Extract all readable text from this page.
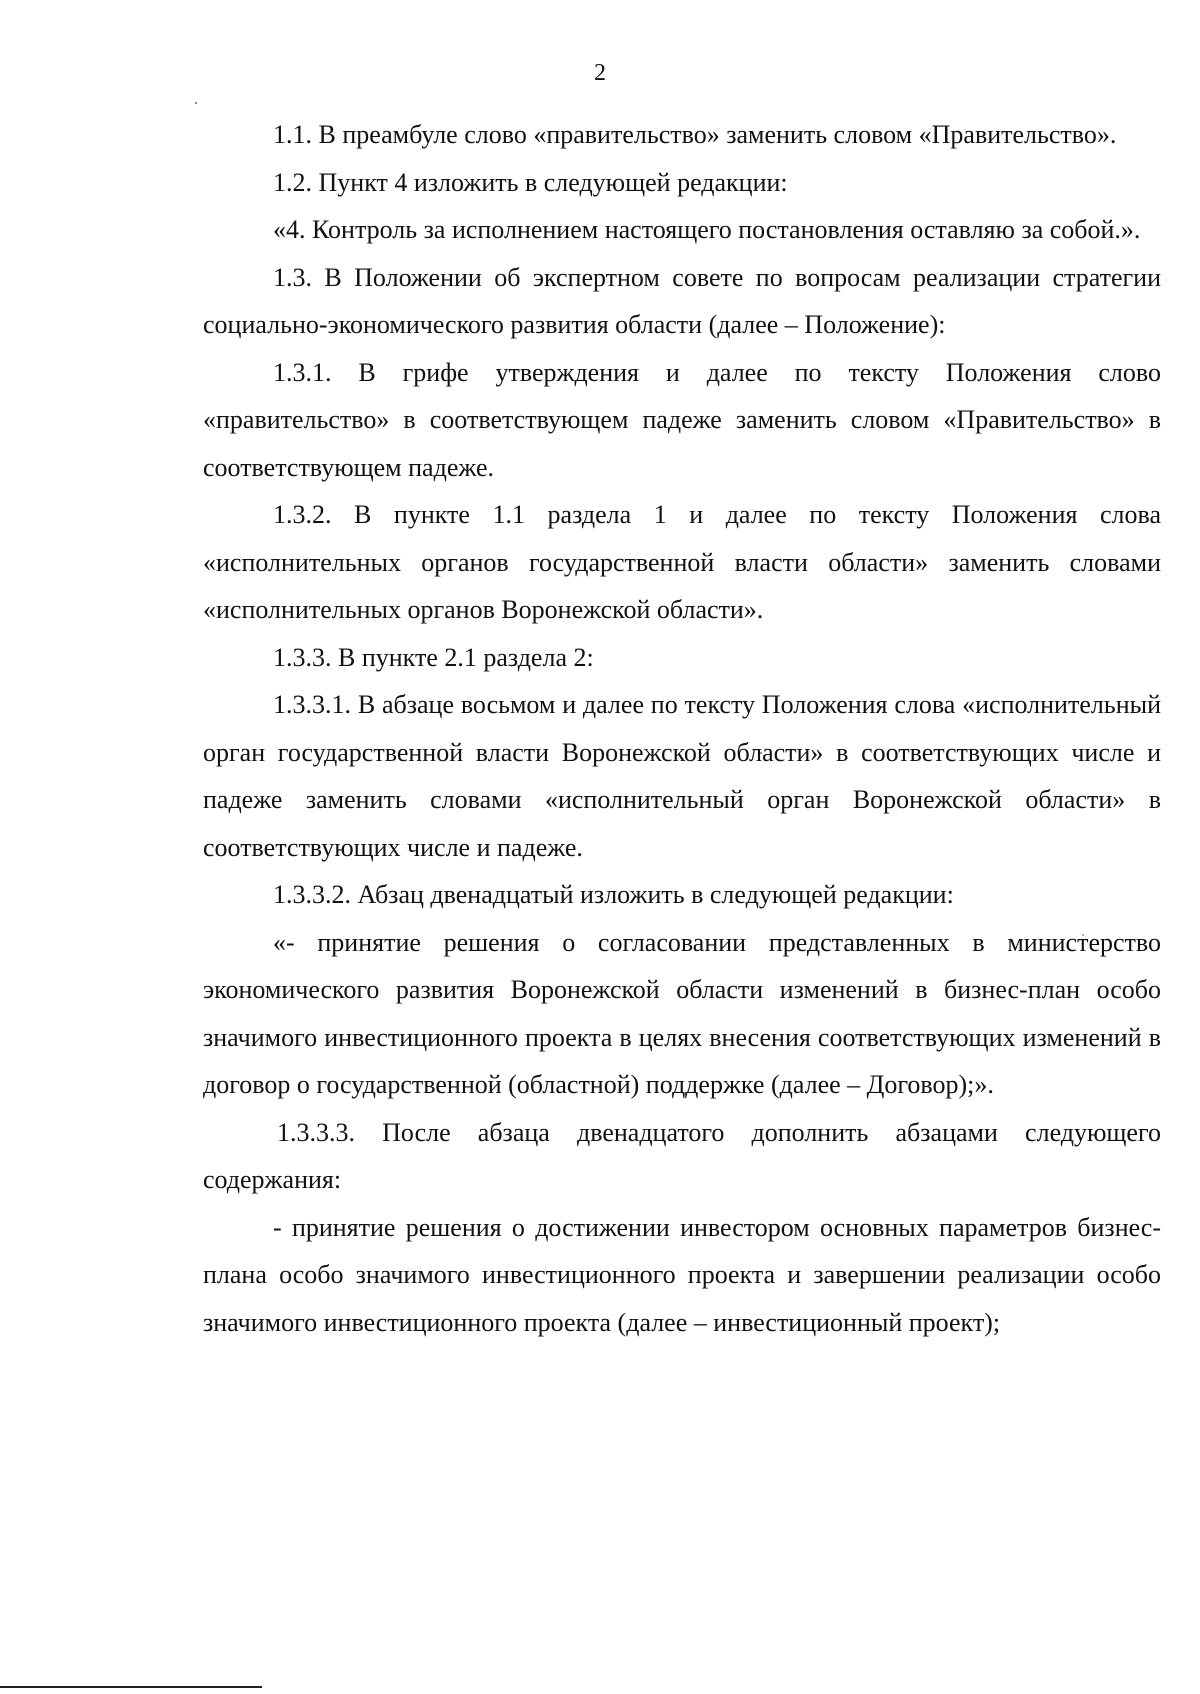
2

1.1. В преамбуле слово «правительство» заменить словом «Правительство».

1.2. Пункт 4 изложить в следующей редакции:

«4. Контроль за исполнением настоящего постановления оставляю за собой.».

1.3. В Положении об экспертном совете по вопросам реализации стратегии социально-экономического развития области (далее – Положение):

1.3.1. В грифе утверждения и далее по тексту Положения слово «правительство» в соответствующем падеже заменить словом «Правительство» в соответствующем падеже.

1.3.2. В пункте 1.1 раздела 1 и далее по тексту Положения слова «исполнительных органов государственной власти области» заменить словами «исполнительных органов Воронежской области».

1.3.3. В пункте 2.1 раздела 2:

1.3.3.1. В абзаце восьмом и далее по тексту Положения слова «исполнительный орган государственной власти Воронежской области» в соответствующих числе и падеже заменить словами «исполнительный орган Воронежской области» в соответствующих числе и падеже.

1.3.3.2. Абзац двенадцатый изложить в следующей редакции:

«- принятие решения о согласовании представленных в министерство экономического развития Воронежской области изменений в бизнес-план особо значимого инвестиционного проекта в целях внесения соответствующих изменений в договор о государственной (областной) поддержке (далее – Договор);».

1.3.3.3. После абзаца двенадцатого дополнить абзацами следующего содержания:

- принятие решения о достижении инвестором основных параметров бизнес-плана особо значимого инвестиционного проекта и завершении реализации особо значимого инвестиционного проекта (далее – инвестиционный проект);
